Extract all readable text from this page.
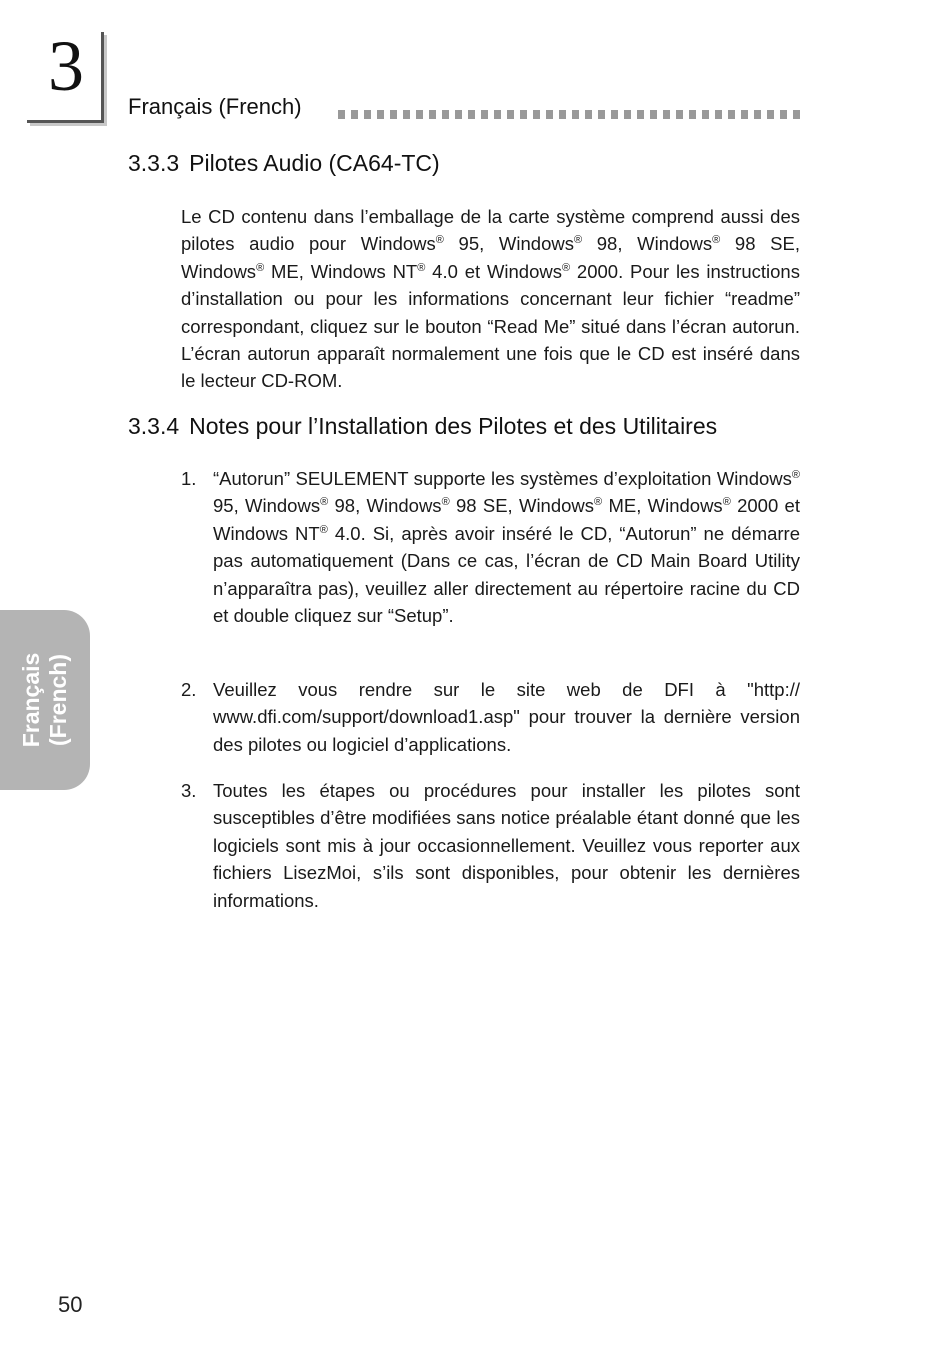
3
Français (French)
3.3.3 Pilotes Audio (CA64-TC)

Le CD contenu dans l’emballage de la carte système comprend aussi des pilotes audio pour Windows® 95, Windows® 98, Windows® 98 SE, Windows® ME, Windows NT® 4.0 et Windows® 2000. Pour les instructions d’installation ou pour les informations concernant leur fichier “readme” correspondant, cliquez sur le bouton “Read Me” situé dans l’écran autorun. L’écran autorun apparaît normalement une fois que le CD est inséré dans le lecteur CD-ROM.

3.3.4 Notes pour l’Installation des Pilotes et des Utilitaires
1. “Autorun” SEULEMENT supporte les systèmes d’exploitation Windows® 95, Windows® 98, Windows® 98 SE, Windows® ME, Windows® 2000 et Windows NT® 4.0. Si, après avoir inséré le CD, “Autorun” ne démarre pas automatiquement (Dans ce cas, l’écran de CD Main Board Utility n’apparaîtra pas), veuillez aller directement au répertoire racine du CD et double cliquez sur “Setup”.
2. Veuillez vous rendre sur le site web de DFI à "http:// www.dfi.com/support/download1.asp" pour trouver la dernière version des pilotes ou logiciel d’applications.
3. Toutes les étapes ou procédures pour installer les pilotes sont susceptibles d’être modifiées sans notice préalable étant donné que les logiciels sont mis à jour occasionnellement. Veuillez vous reporter aux fichiers LisezMoi, s’ils sont disponibles, pour obtenir les dernières informations.
Français (French)
50
